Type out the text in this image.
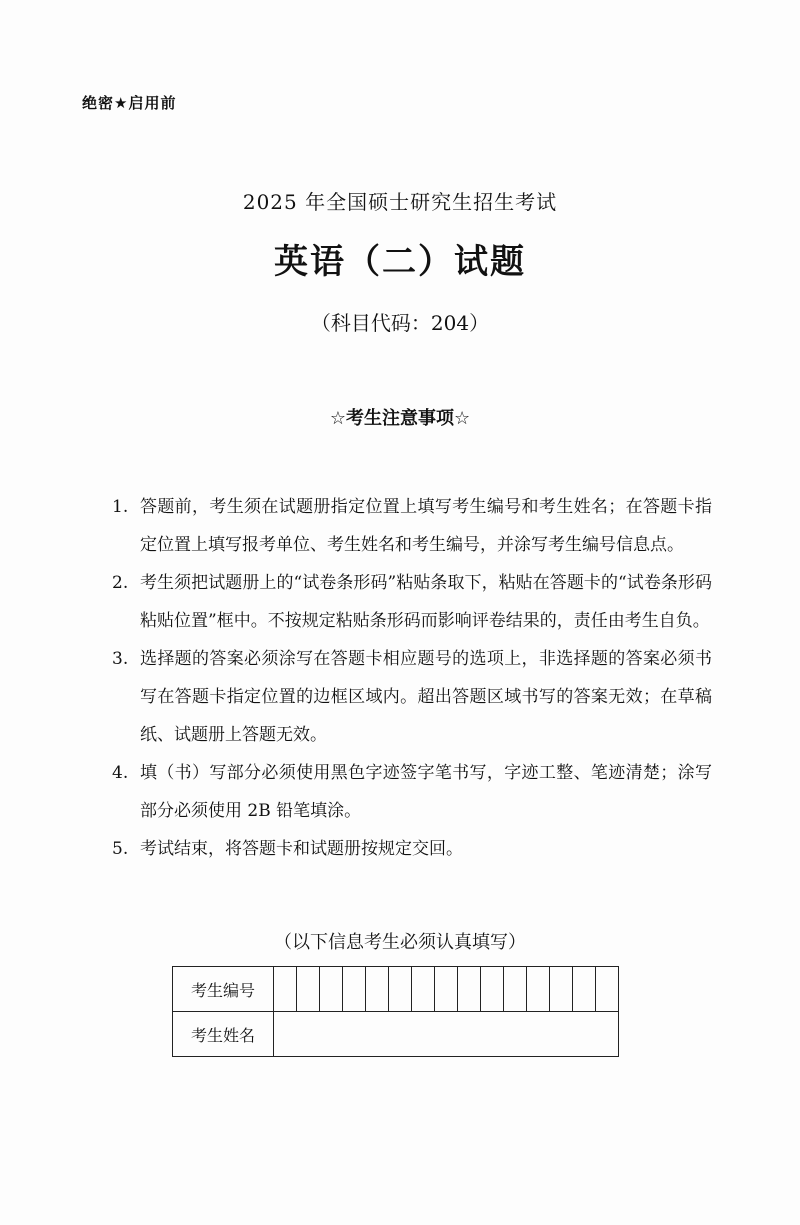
绝密★启用前
2025 年全国硕士研究生招生考试
英语（二）试题
（科目代码：204）
☆考生注意事项☆
1. 答题前，考生须在试题册指定位置上填写考生编号和考生姓名；在答题卡指定位置上填写报考单位、考生姓名和考生编号，并涂写考生编号信息点。
2. 考生须把试题册上的“试卷条形码”粘贴条取下，粘贴在答题卡的“试卷条形码粘贴位置”框中。不按规定粘贴条形码而影响评卷结果的，责任由考生自负。
3. 选择题的答案必须涂写在答题卡相应题号的选项上，非选择题的答案必须书写在答题卡指定位置的边框区域内。超出答题区域书写的答案无效；在草稿纸、试题册上答题无效。
4. 填（书）写部分必须使用黑色字迹签字笔书写，字迹工整、笔迹清楚；涂写部分必须使用 2B 铅笔填涂。
5. 考试结束，将答题卡和试题册按规定交回。
（以下信息考生必须认真填写）
考生编号															
考生姓名															
